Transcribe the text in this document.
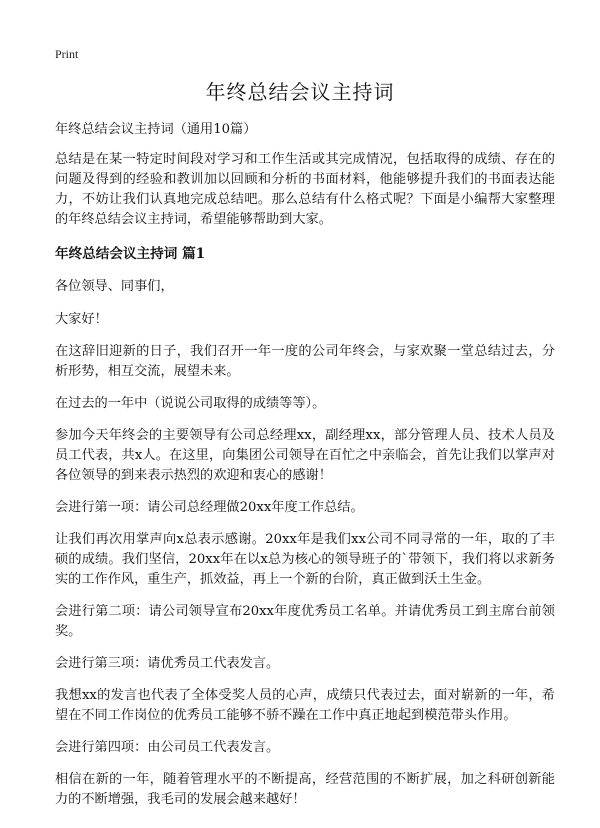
Print
年终总结会议主持词

年终总结会议主持词（通用10篇）

总结是在某一特定时间段对学习和工作生活或其完成情况，包括取得的成绩、存在的问题及得到的经验和教训加以回顾和分析的书面材料，他能够提升我们的书面表达能力，不妨让我们认真地完成总结吧。那么总结有什么格式呢？下面是小编帮大家整理的年终总结会议主持词，希望能够帮助到大家。

年终总结会议主持词 篇1

各位领导、同事们，

大家好！

在这辞旧迎新的日子，我们召开一年一度的公司年终会，与家欢聚一堂总结过去，分析形势，相互交流，展望未来。

在过去的一年中（说说公司取得的成绩等等）。

参加今天年终会的主要领导有公司总经理xx，副经理xx，部分管理人员、技术人员及员工代表，共x人。在这里，向集团公司领导在百忙之中亲临会，首先让我们以掌声对各位领导的到来表示热烈的欢迎和衷心的感谢！

会进行第一项：请公司总经理做20xx年度工作总结。

让我们再次用掌声向x总表示感谢。20xx年是我们xx公司不同寻常的一年，取的了丰硕的成绩。我们坚信，20xx年在以x总为核心的领导班子的`带领下，我们将以求新务实的工作作风，重生产，抓效益，再上一个新的台阶，真正做到沃土生金。

会进行第二项：请公司领导宣布20xx年度优秀员工名单。并请优秀员工到主席台前领奖。

会进行第三项：请优秀员工代表发言。

我想xx的发言也代表了全体受奖人员的心声，成绩只代表过去，面对崭新的一年，希望在不同工作岗位的优秀员工能够不骄不躁在工作中真正地起到模范带头作用。

会进行第四项：由公司员工代表发言。

相信在新的一年，随着管理水平的不断提高，经营范围的不断扩展，加之科研创新能力的不断增强，我毛司的发展会越来越好！
